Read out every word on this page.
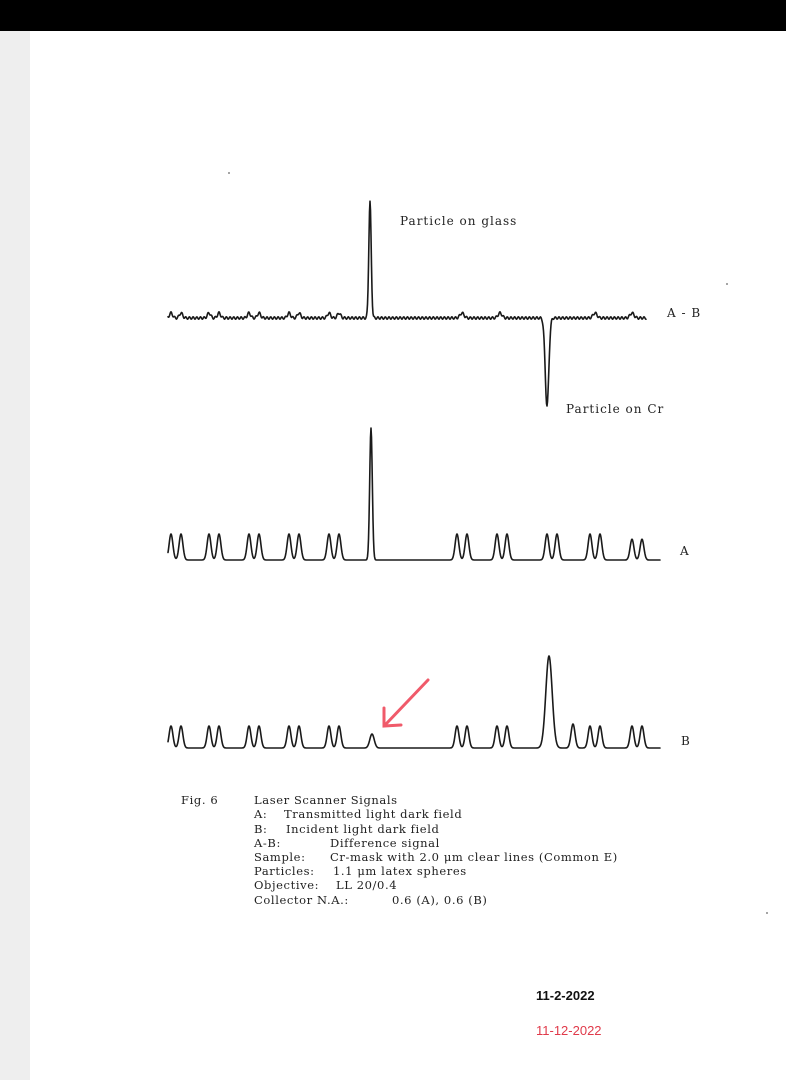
Particle on glass
A - B
Particle on Cr
A
B
Fig. 6	Laser Scanner Signals
A: Transmitted light dark field
B: Incident light dark field
A-B:	Difference signal
Sample: Cr-mask with 2.0 μm clear lines (Common E)
Particles: 1.1 μm latex spheres
Objective: LL 20/0.4
Collector N.A.:	0.6 (A), 0.6 (B)
11-2-2022
11-12-2022
